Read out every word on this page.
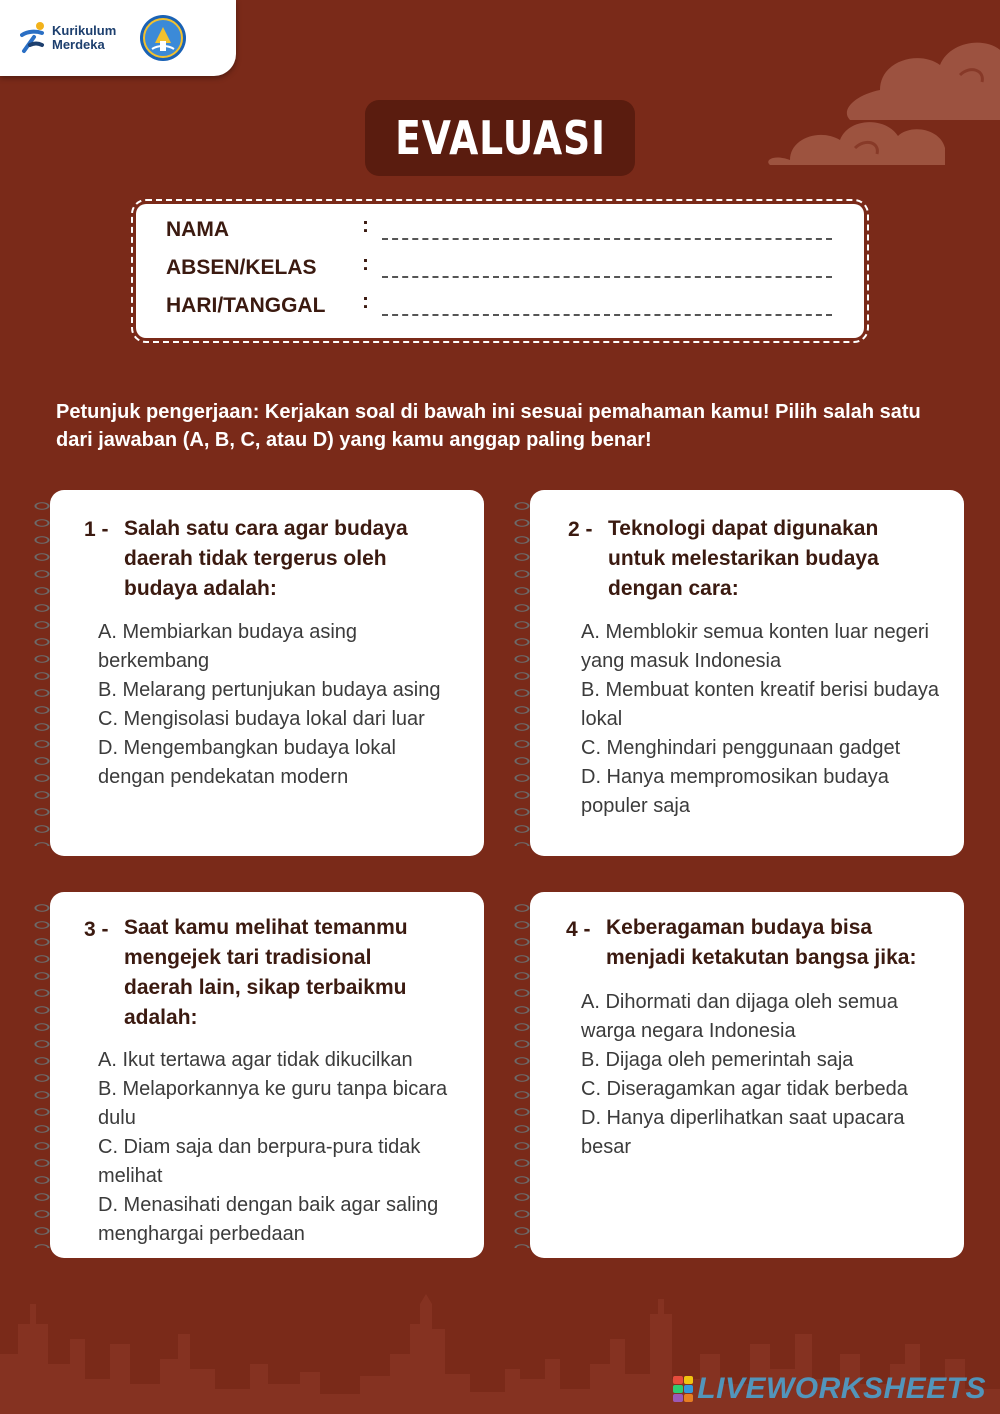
Kurikulum
Merdeka
EVALUASI
NAMA	:
ABSEN/KELAS :
HARI/TANGGAL :
Petunjuk pengerjaan: Kerjakan soal di bawah ini sesuai pemahaman kamu! Pilih salah satu dari jawaban (A, B, C, atau D) yang kamu anggap paling benar!
1 - Salah satu cara agar budaya daerah tidak tergerus oleh budaya adalah:
A. Membiarkan budaya asing berkembang
B. Melarang pertunjukan budaya asing
C. Mengisolasi budaya lokal dari luar
D. Mengembangkan budaya lokal dengan pendekatan modern
2 - Teknologi dapat digunakan untuk melestarikan budaya dengan cara:
A. Memblokir semua konten luar negeri yang masuk Indonesia
B. Membuat konten kreatif berisi budaya lokal
C. Menghindari penggunaan gadget
D. Hanya mempromosikan budaya populer saja
3 - Saat kamu melihat temanmu mengejek tari tradisional daerah lain, sikap terbaikmu adalah:
A. Ikut tertawa agar tidak dikucilkan
B. Melaporkannya ke guru tanpa bicara dulu
C. Diam saja dan berpura-pura tidak melihat
D. Menasihati dengan baik agar saling menghargai perbedaan
4 - Keberagaman budaya bisa menjadi ketakutan bangsa jika:
A. Dihormati dan dijaga oleh semua warga negara Indonesia
B. Dijaga oleh pemerintah saja
C. Diseragamkan agar tidak berbeda
D. Hanya diperlihatkan saat upacara besar
LIVEWORKSHEETS
